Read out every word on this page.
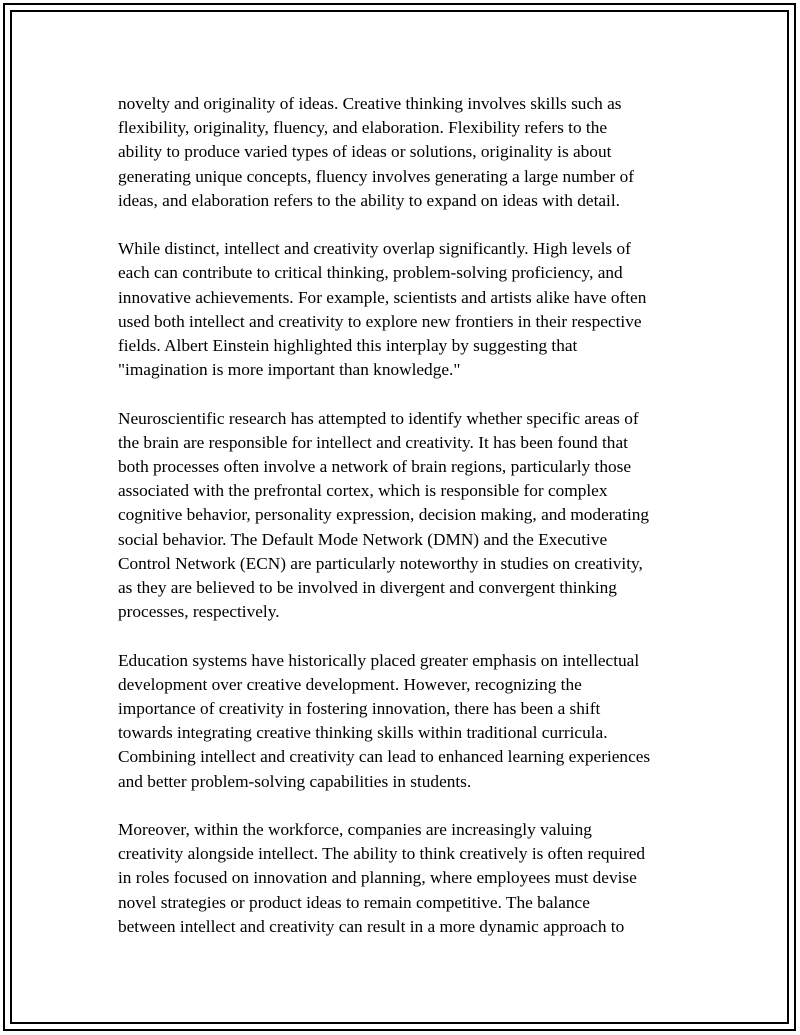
novelty and originality of ideas. Creative thinking involves skills such as
flexibility, originality, fluency, and elaboration. Flexibility refers to the
ability to produce varied types of ideas or solutions, originality is about
generating unique concepts, fluency involves generating a large number of
ideas, and elaboration refers to the ability to expand on ideas with detail.

While distinct, intellect and creativity overlap significantly. High levels of
each can contribute to critical thinking, problem-solving proficiency, and
innovative achievements. For example, scientists and artists alike have often
used both intellect and creativity to explore new frontiers in their respective
fields. Albert Einstein highlighted this interplay by suggesting that
"imagination is more important than knowledge."

Neuroscientific research has attempted to identify whether specific areas of
the brain are responsible for intellect and creativity. It has been found that
both processes often involve a network of brain regions, particularly those
associated with the prefrontal cortex, which is responsible for complex
cognitive behavior, personality expression, decision making, and moderating
social behavior. The Default Mode Network (DMN) and the Executive
Control Network (ECN) are particularly noteworthy in studies on creativity,
as they are believed to be involved in divergent and convergent thinking
processes, respectively.

Education systems have historically placed greater emphasis on intellectual
development over creative development. However, recognizing the
importance of creativity in fostering innovation, there has been a shift
towards integrating creative thinking skills within traditional curricula.
Combining intellect and creativity can lead to enhanced learning experiences
and better problem-solving capabilities in students.

Moreover, within the workforce, companies are increasingly valuing
creativity alongside intellect. The ability to think creatively is often required
in roles focused on innovation and planning, where employees must devise
novel strategies or product ideas to remain competitive. The balance
between intellect and creativity can result in a more dynamic approach to
